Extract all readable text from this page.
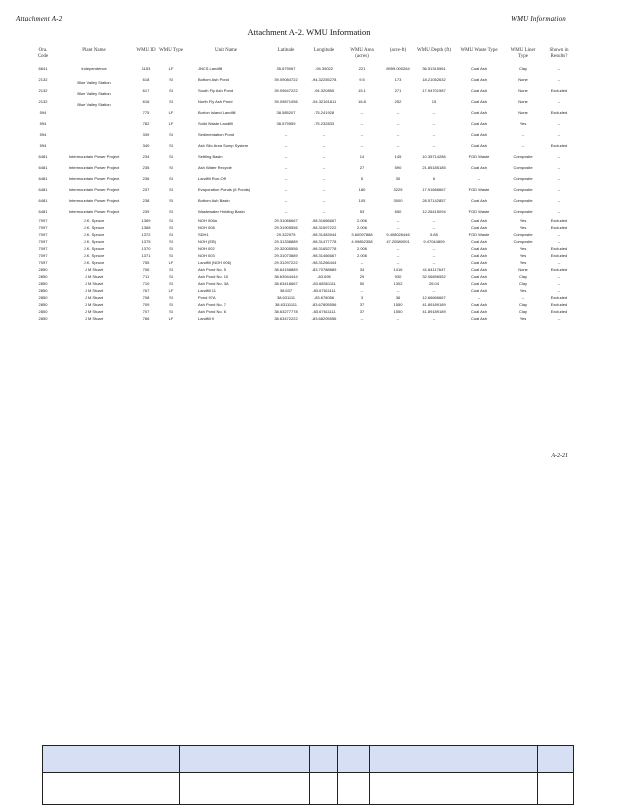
Attachment A-2	WMU Information
Attachment A-2. WMU Information
Ora. Code	Plant Name	WMU ID	WMU Type	Unit Name	Latitude	Longitude	WMU Area (acres)	(acre-ft)	WMU Depth (ft)	WMU Waste Type	WMU Liner Type	Shown in Results?
6641	Independence	1153	LF	JNCS Landfill	35.679067	-94.39022	221	8959.000264	36.51315961	Coal Ash	Clay	--
2132	Blue Valley Station	618	SI	Bottom Ash Pond	39.09084722	-94.32255278	9.5	173	18.21052632	Coal Ash	None	--
2132	Blue Valley Station	617	SI	South Fly Ash Pond	39.09647222	-94.320855	15.1	271	17.94701987	Coal Ash	None	Excluded
2132	Blue Valley Station	616	SI	North Fly Ash Pond	39.09871056	-94.32161611	16.8	252	15	Coal Ash	None	--
594		775	LF	Burton Island Landfill	38.585207	-75.241928	--	--	--	Coal Ash	None	Excluded
594		782	LF	Solid Waste Landfill	38.579559	-75.232833	--	--	--	Coal Ash	Yes	--
594		339	SI	Sedimentation Pond	--	--	--	--	--	Coal Ash	--	--
594		340	SI	Ash Silo Area Sump System	--	--	--	--	--	Coal Ash	--	Excluded
6481	Intermountain Power Project	234	SI	Settling Basin	--	--	14	145	10.35714286	FGD Waste	Composite	--
6481	Intermountain Power Project	235	SI	Ash Water Recycle	--	--	27	590	21.85185185	Coal Ash	Composite	--
6481	Intermountain Power Project	236	SI	Landfill Run-Off	--	--	5	30	6	--	Composite	--
6481	Intermountain Power Project	237	SI	Evaporation Ponds (6 Ponds)	--	--	180	3225	17.91666667	FGD Waste	Composite	--
6481	Intermountain Power Project	238	SI	Bottom Ash Basin	--	--	105	3000	28.57142857	Coal Ash	Composite	--
6481	Intermountain Power Project	239	SI	Wastewater Holding Basin	--	--	53	650	12.26415094	FGD Waste	Composite	--
7097	J.K. Spruce	1369	SI	NOH 006a	29.31066667	-98.31666667	2.006	--	--	Coal Ash	Yes	Excluded
7097	J.K. Spruce	1368	SI	NOH 008	29.31905556	-98.31597222	2.006	--	--	Coal Ash	Yes	Excluded
7097	J.K. Spruce	1372	SI	SDH1	29.322975	-98.31483944	3.60097888	9.408026446	5.85	FGD Waste	Composite	--
7097	J.K. Spruce	1375	SI	NOH (EB)	29.31338889	-98.31477778	4.99852358	47.20580001	9.47044809	Coal Ash	Composite	--
7097	J.K. Spruce	1370	SI	NOH 002	29.32005556	-98.31652778	2.006	--	--	Coal Ash	Yes	Excluded
7097	J.K. Spruce	1371	SI	NOH 003	29.31073889	-98.31466667	2.006	--	--	Coal Ash	Yes	Excluded
7097	J.K. Spruce	755	LF	Landfill (NOH 006)	29.31297222	-98.31266444	--	--	--	Coal Ash	Yes	--
2850	J M Stuart	706	SI	Ash Pond No. 5	38.64158889	-83.70788889	34	1416	41.64117647	Coal Ash	None	Excluded
2850	J M Stuart	711	SI	Ash Pond No. 10	38.63944444	-83.695	29	930	32.06896552	Coal Ash	Clay	--
2850	J M Stuart	710	SI	Ash Pond No. 3A	38.63416667	-83.68361111	50	1302	26.04	Coal Ash	Clay	--
2850	J M Stuart	767	LF	Landfill 11	38.637	-83.67611111	--	--	--	Coal Ash	Yes	--
2850	J M Stuart	708	SI	Pond 97A	38.631111	-83.678056	3	36	12.66666667	--	--	Excluded
2850	J M Stuart	709	SI	Ash Pond No. 7	38.63111111	-83.67805556	37	1550	41.89189189	Coal Ash	Clay	Excluded
2850	J M Stuart	707	SI	Ash Pond No. 6	38.63277778	-83.67611111	37	1550	41.89189189	Coal Ash	Clay	Excluded
2850	J M Stuart	766	LF	Landfill 9	38.63472222	-83.68205556	--	--	--	Coal Ash	Yes	--
A-2-21
